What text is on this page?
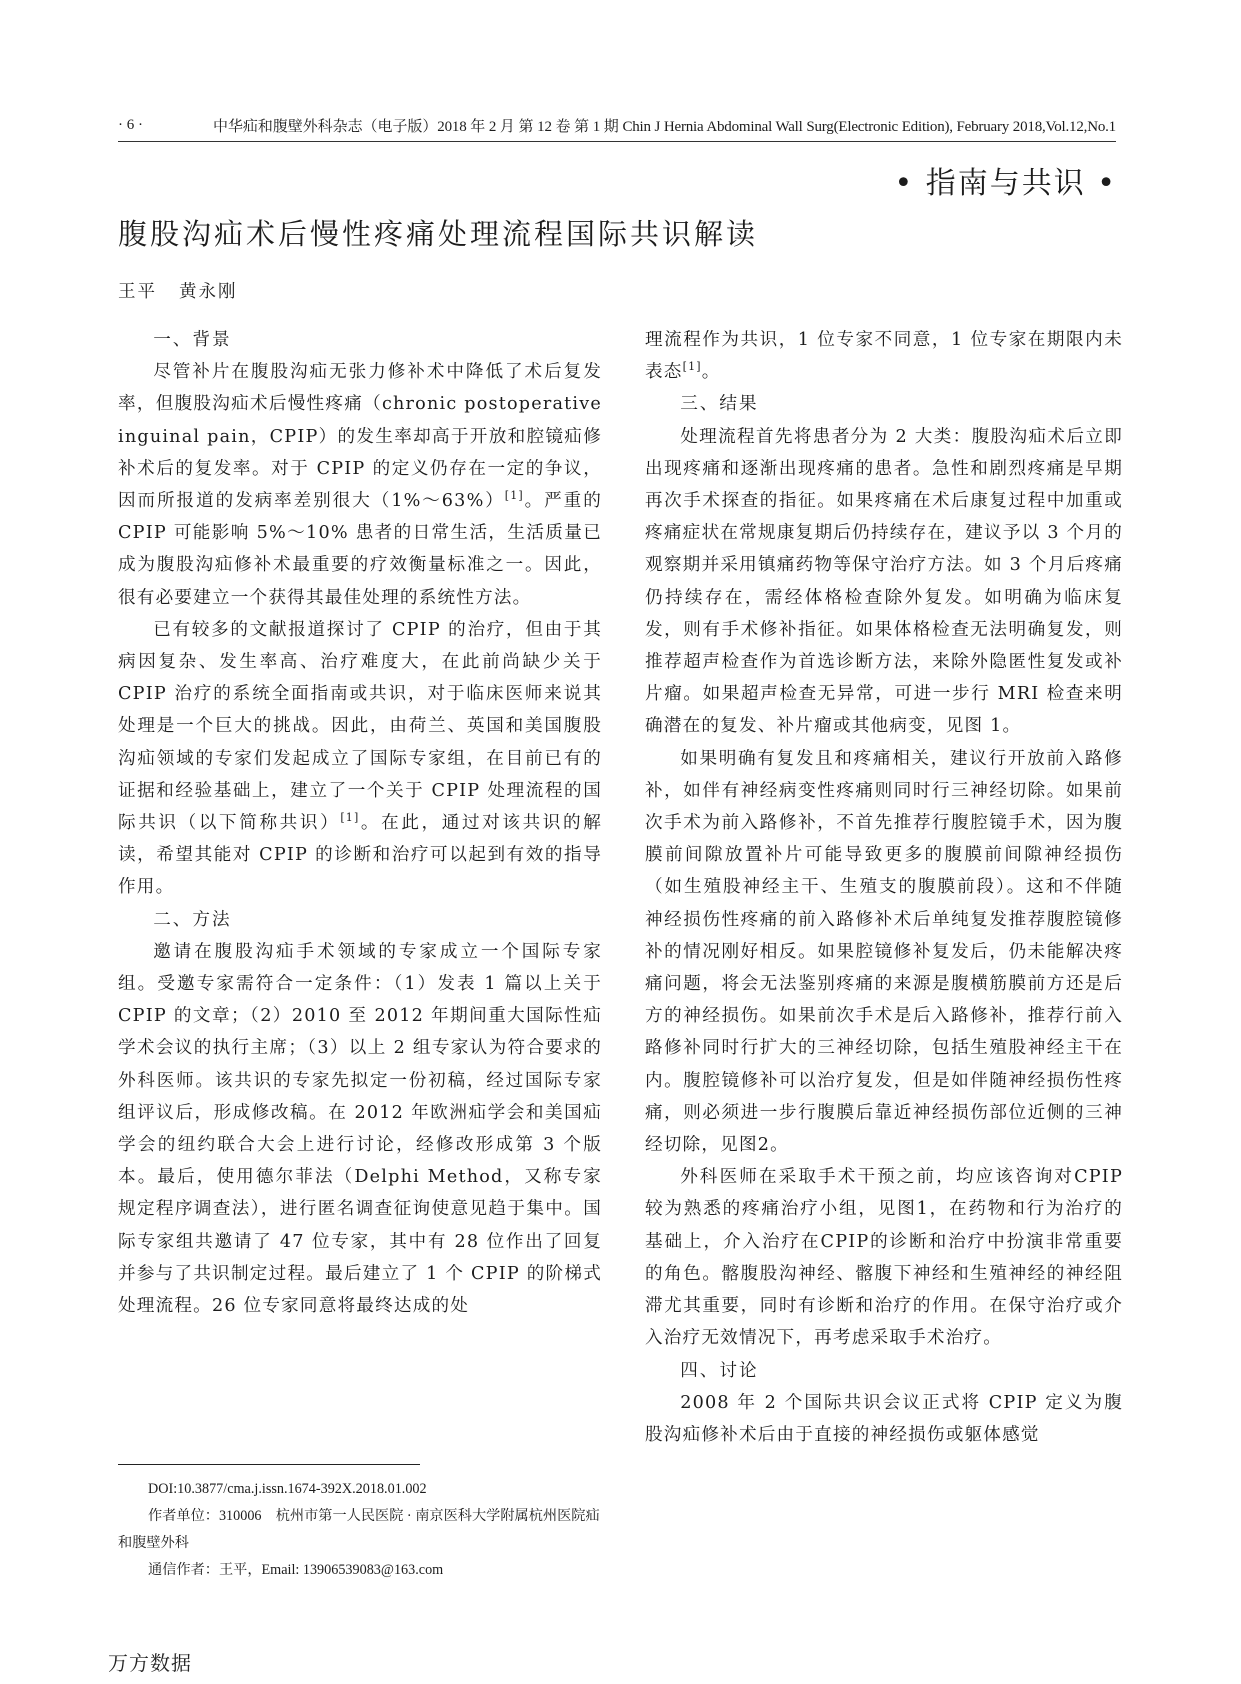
· 6 ·	中华疝和腹壁外科杂志（电子版）2018 年 2 月 第 12 卷 第 1 期 Chin J Hernia Abdominal Wall Surg(Electronic Edition), February 2018,Vol.12,No.1
• 指南与共识 •
腹股沟疝术后慢性疼痛处理流程国际共识解读
王平 黄永刚

一、背景

尽管补片在腹股沟疝无张力修补术中降低了术后复发率，但腹股沟疝术后慢性疼痛（chronic postoperative inguinal pain，CPIP）的发生率却高于开放和腔镜疝修补术后的复发率。对于 CPIP 的定义仍存在一定的争议，因而所报道的发病率差别很大（1%～63%）[1]。严重的 CPIP 可能影响 5%～10% 患者的日常生活，生活质量已成为腹股沟疝修补术最重要的疗效衡量标准之一。因此，很有必要建立一个获得其最佳处理的系统性方法。

已有较多的文献报道探讨了 CPIP 的治疗，但由于其病因复杂、发生率高、治疗难度大，在此前尚缺少关于 CPIP 治疗的系统全面指南或共识，对于临床医师来说其处理是一个巨大的挑战。因此，由荷兰、英国和美国腹股沟疝领域的专家们发起成立了国际专家组，在目前已有的证据和经验基础上，建立了一个关于 CPIP 处理流程的国际共识（以下简称共识）[1]。在此，通过对该共识的解读，希望其能对 CPIP 的诊断和治疗可以起到有效的指导作用。

二、方法

邀请在腹股沟疝手术领域的专家成立一个国际专家组。受邀专家需符合一定条件：（1）发表 1 篇以上关于 CPIP 的文章；（2）2010 至 2012 年期间重大国际性疝学术会议的执行主席；（3）以上 2 组专家认为符合要求的外科医师。该共识的专家先拟定一份初稿，经过国际专家组评议后，形成修改稿。在 2012 年欧洲疝学会和美国疝学会的纽约联合大会上进行讨论，经修改形成第 3 个版本。最后，使用德尔菲法（Delphi Method，又称专家规定程序调查法），进行匿名调查征询使意见趋于集中。国际专家组共邀请了 47 位专家，其中有 28 位作出了回复并参与了共识制定过程。最后建立了 1 个 CPIP 的阶梯式处理流程。26 位专家同意将最终达成的处

理流程作为共识，1 位专家不同意，1 位专家在期限内未表态[1]。

三、结果

处理流程首先将患者分为 2 大类：腹股沟疝术后立即出现疼痛和逐渐出现疼痛的患者。急性和剧烈疼痛是早期再次手术探查的指征。如果疼痛在术后康复过程中加重或疼痛症状在常规康复期后仍持续存在，建议予以 3 个月的观察期并采用镇痛药物等保守治疗方法。如 3 个月后疼痛仍持续存在，需经体格检查除外复发。如明确为临床复发，则有手术修补指征。如果体格检查无法明确复发，则推荐超声检查作为首选诊断方法，来除外隐匿性复发或补片瘤。如果超声检查无异常，可进一步行 MRI 检查来明确潜在的复发、补片瘤或其他病变，见图 1。

如果明确有复发且和疼痛相关，建议行开放前入路修补，如伴有神经病变性疼痛则同时行三神经切除。如果前次手术为前入路修补，不首先推荐行腹腔镜手术，因为腹膜前间隙放置补片可能导致更多的腹膜前间隙神经损伤（如生殖股神经主干、生殖支的腹膜前段）。这和不伴随神经损伤性疼痛的前入路修补术后单纯复发推荐腹腔镜修补的情况刚好相反。如果腔镜修补复发后，仍未能解决疼痛问题，将会无法鉴别疼痛的来源是腹横筋膜前方还是后方的神经损伤。如果前次手术是后入路修补，推荐行前入路修补同时行扩大的三神经切除，包括生殖股神经主干在内。腹腔镜修补可以治疗复发，但是如伴随神经损伤性疼痛，则必须进一步行腹膜后靠近神经损伤部位近侧的三神经切除，见图2。

外科医师在采取手术干预之前，均应该咨询对CPIP较为熟悉的疼痛治疗小组，见图1，在药物和行为治疗的基础上，介入治疗在CPIP的诊断和治疗中扮演非常重要的角色。髂腹股沟神经、髂腹下神经和生殖神经的神经阻滞尤其重要，同时有诊断和治疗的作用。在保守治疗或介入治疗无效情况下，再考虑采取手术治疗。

四、讨论

2008 年 2 个国际共识会议正式将 CPIP 定义为腹股沟疝修补术后由于直接的神经损伤或躯体感觉

DOI:10.3877/cma.j.issn.1674-392X.2018.01.002
作者单位：310006　杭州市第一人民医院 · 南京医科大学附属杭州医院疝和腹壁外科
通信作者：王平，Email: 13906539083@163.com
万方数据
